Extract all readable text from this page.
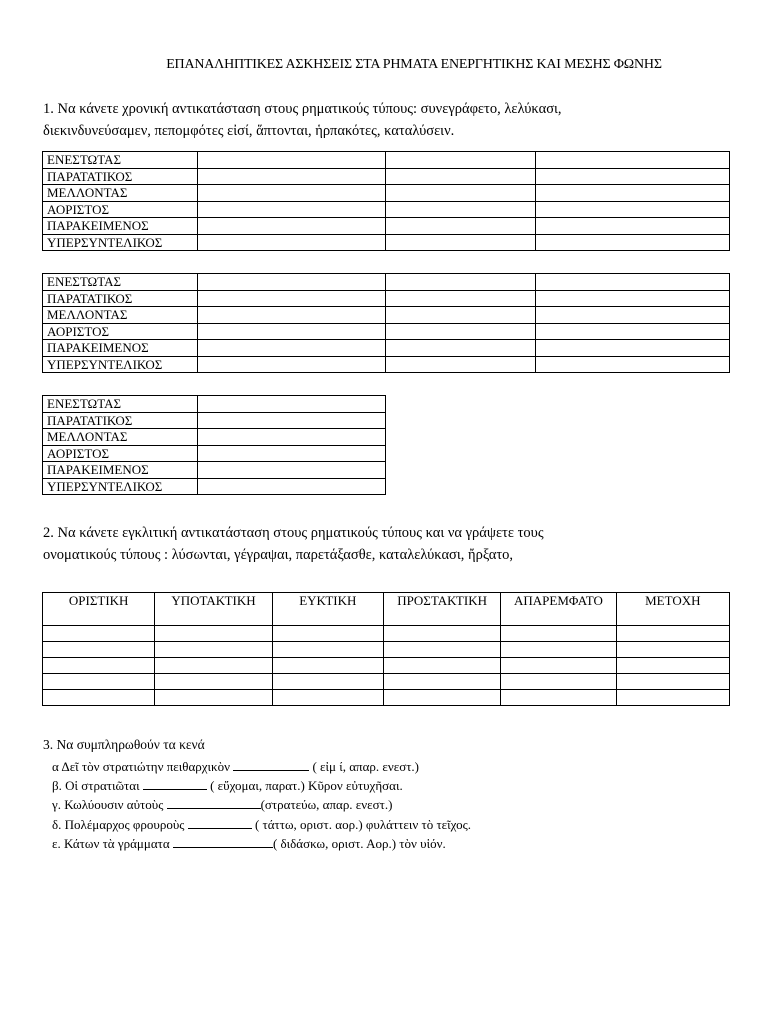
ΕΠΑΝΑΛΗΠΤΙΚΕΣ ΑΣΚΗΣΕΙΣ ΣΤΑ ΡΗΜΑΤΑ ΕΝΕΡΓΗΤΙΚΗΣ ΚΑΙ ΜΕΣΗΣ ΦΩΝΗΣ
1. Να κάνετε χρονική αντικατάσταση στους ρηματικούς τύπους: συνεγράφετο, λελύκασι,
διεκινδυνεύσαμεν, πεπομφότες εἰσί, ἅπτονται, ἡρπακότες, καταλύσειν.
ΕΝΕΣΤΩΤΑΣ			
ΠΑΡΑΤΑΤΙΚΟΣ			
ΜΕΛΛΟΝΤΑΣ			
ΑΟΡΙΣΤΟΣ			
ΠΑΡΑΚΕΙΜΕΝΟΣ			
ΥΠΕΡΣΥΝΤΕΛΙΚΟΣ			
ΕΝΕΣΤΩΤΑΣ			
ΠΑΡΑΤΑΤΙΚΟΣ			
ΜΕΛΛΟΝΤΑΣ			
ΑΟΡΙΣΤΟΣ			
ΠΑΡΑΚΕΙΜΕΝΟΣ			
ΥΠΕΡΣΥΝΤΕΛΙΚΟΣ			
ΕΝΕΣΤΩΤΑΣ	
ΠΑΡΑΤΑΤΙΚΟΣ	
ΜΕΛΛΟΝΤΑΣ	
ΑΟΡΙΣΤΟΣ	
ΠΑΡΑΚΕΙΜΕΝΟΣ	
ΥΠΕΡΣΥΝΤΕΛΙΚΟΣ	
2. Να κάνετε εγκλιτική αντικατάσταση στους ρηματικούς τύπους και να γράψετε τους
ονοματικούς τύπους : λύσωνται, γέγραψαι, παρετάξασθε, καταλελύκασι, ἤρξατο,
ΟΡΙΣΤΙΚΗ	ΥΠΟΤΑΚΤΙΚΗ	ΕΥΚΤΙΚΗ	ΠΡΟΣΤΑΚΤΙΚΗ	ΑΠΑΡΕΜΦΑΤΟ	ΜΕΤΟΧΗ

3. Να συμπληρωθούν τα κενά
α Δεῖ τὸν στρατιώτην πειθαρχικὸν	( εἰμ ί, απαρ. ενεστ.)
β. Οἱ στρατιῶται	( εὔχομαι, παρατ.) Κῦρον εὐτυχῆσαι.
γ. Κωλύουσιν αὐτοὺς	(στρατεύω, απαρ. ενεστ.)
δ. Πολέμαρχος φρουροὺς	( τάττω, οριστ. αορ.) φυλάττειν τὸ τεῖχος.
ε. Κάτων τὰ γράμματα	( διδάσκω, οριστ. Αορ.) τὸν υἱόν.
